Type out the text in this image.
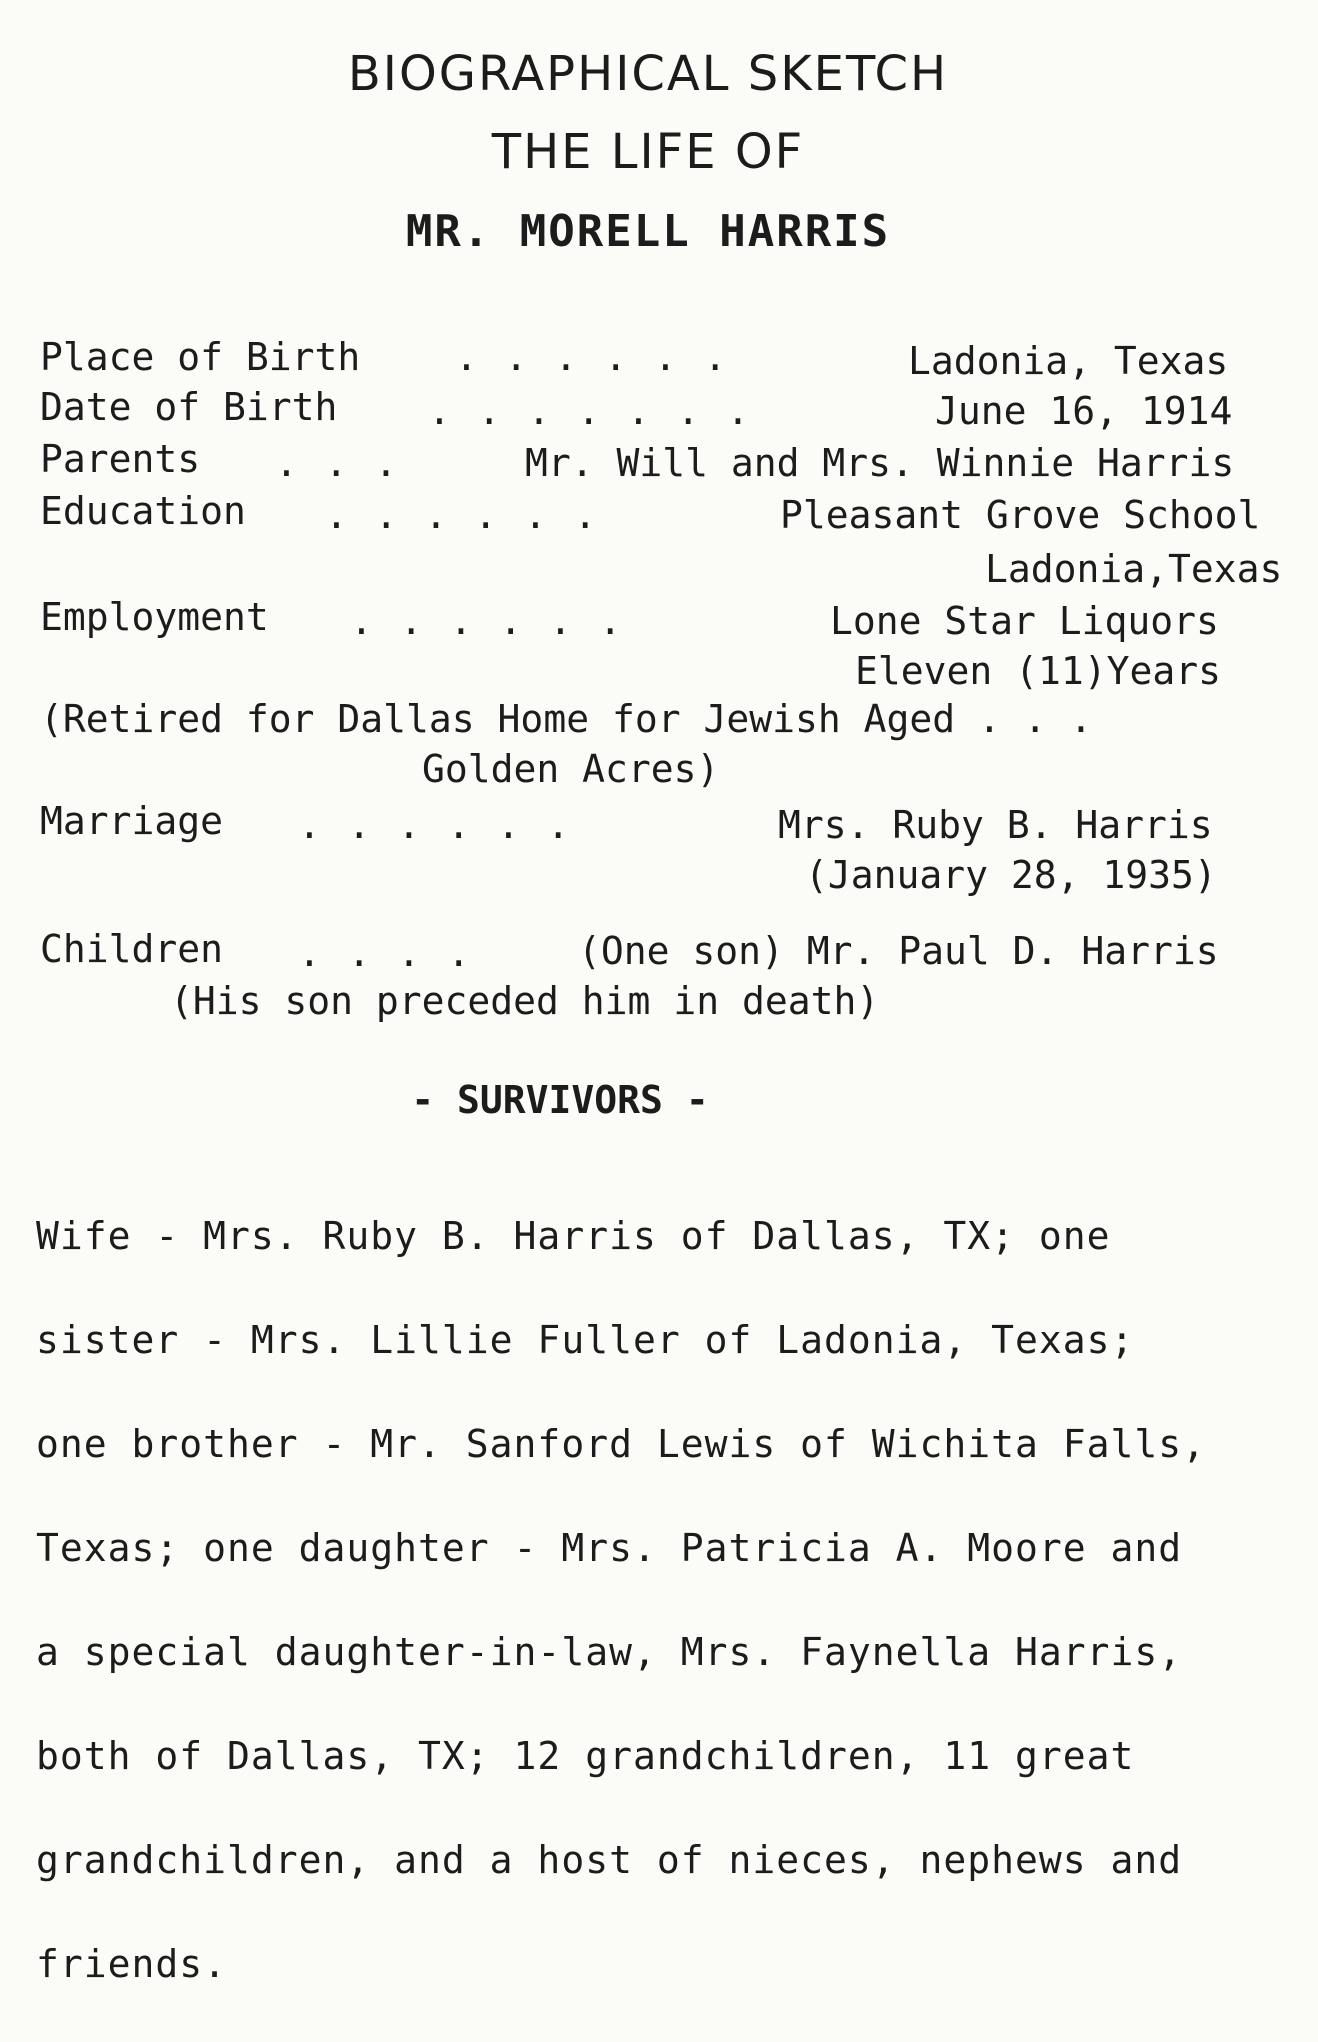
BIOGRAPHICAL SKETCH
THE LIFE OF
MR. MORELL HARRIS
Place of Birth . . . . . .	Ladonia, Texas
Date of Birth . . . . . . .	June 16, 1914
Parents . . .	Mr. Will and Mrs. Winnie Harris
Education . . . . . .	Pleasant Grove School
Ladonia,Texas
Employment . . . . . .	Lone Star Liquors
Eleven (11)Years
(Retired for Dallas Home for Jewish Aged . . .
Golden Acres)
Marriage . . . . . .	Mrs. Ruby B. Harris
(January 28, 1935)
Children . . . .	(One son) Mr. Paul D. Harris
(His son preceded him in death)
- SURVIVORS -

Wife - Mrs. Ruby B. Harris of Dallas, TX; one

sister - Mrs. Lillie Fuller of Ladonia, Texas;

one brother - Mr. Sanford Lewis of Wichita Falls,

Texas; one daughter - Mrs. Patricia A. Moore and

a special daughter-in-law, Mrs. Faynella Harris,

both of Dallas, TX; 12 grandchildren, 11 great

grandchildren, and a host of nieces, nephews and

friends.
